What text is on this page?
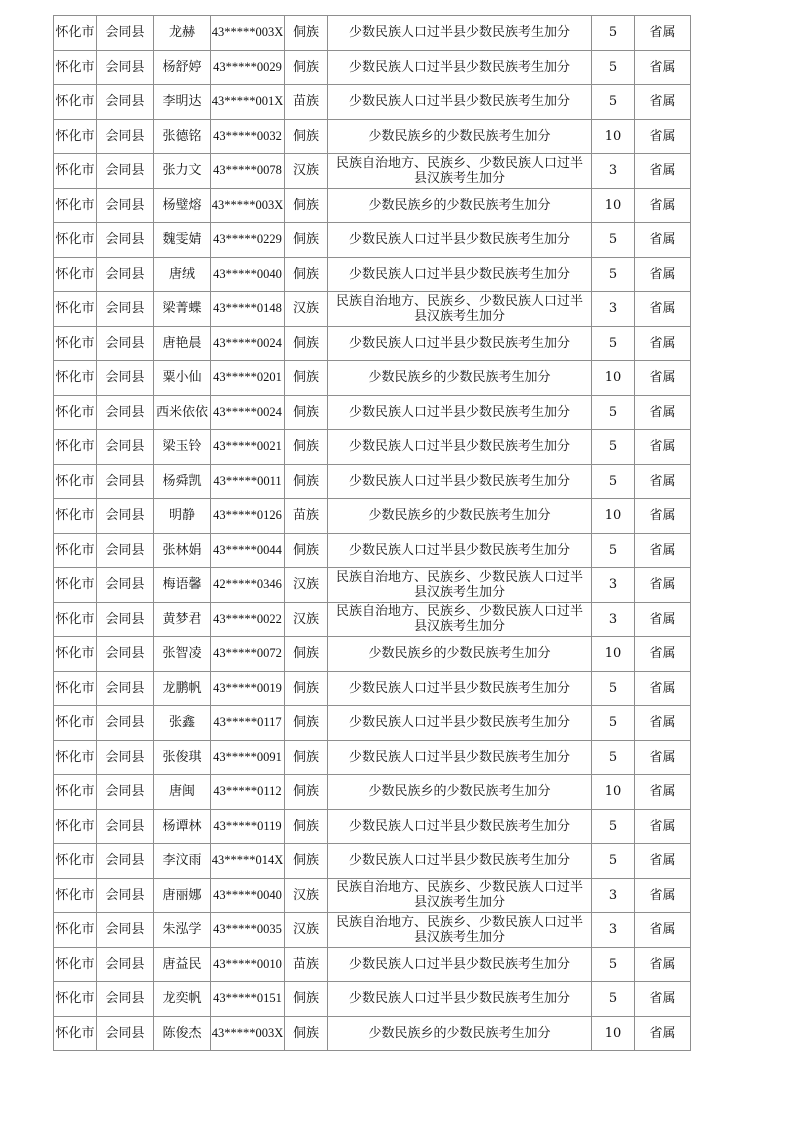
怀化市	会同县	龙赫	43*****003X	侗族	少数民族人口过半县少数民族考生加分	5	省属
怀化市	会同县	杨舒婷	43*****0029	侗族	少数民族人口过半县少数民族考生加分	5	省属
怀化市	会同县	李明达	43*****001X	苗族	少数民族人口过半县少数民族考生加分	5	省属
怀化市	会同县	张德铭	43*****0032	侗族	少数民族乡的少数民族考生加分	10	省属
怀化市	会同县	张力文	43*****0078	汉族	民族自治地方、民族乡、少数民族人口过半县汉族考生加分	3	省属
怀化市	会同县	杨璧熔	43*****003X	侗族	少数民族乡的少数民族考生加分	10	省属
怀化市	会同县	魏雯婧	43*****0229	侗族	少数民族人口过半县少数民族考生加分	5	省属
怀化市	会同县	唐绒	43*****0040	侗族	少数民族人口过半县少数民族考生加分	5	省属
怀化市	会同县	梁菁蝶	43*****0148	汉族	民族自治地方、民族乡、少数民族人口过半县汉族考生加分	3	省属
怀化市	会同县	唐艳晨	43*****0024	侗族	少数民族人口过半县少数民族考生加分	5	省属
怀化市	会同县	粟小仙	43*****0201	侗族	少数民族乡的少数民族考生加分	10	省属
怀化市	会同县	西米依依	43*****0024	侗族	少数民族人口过半县少数民族考生加分	5	省属
怀化市	会同县	梁玉铃	43*****0021	侗族	少数民族人口过半县少数民族考生加分	5	省属
怀化市	会同县	杨舜凯	43*****0011	侗族	少数民族人口过半县少数民族考生加分	5	省属
怀化市	会同县	明静	43*****0126	苗族	少数民族乡的少数民族考生加分	10	省属
怀化市	会同县	张林娟	43*****0044	侗族	少数民族人口过半县少数民族考生加分	5	省属
怀化市	会同县	梅语馨	42*****0346	汉族	民族自治地方、民族乡、少数民族人口过半县汉族考生加分	3	省属
怀化市	会同县	黄梦君	43*****0022	汉族	民族自治地方、民族乡、少数民族人口过半县汉族考生加分	3	省属
怀化市	会同县	张智凌	43*****0072	侗族	少数民族乡的少数民族考生加分	10	省属
怀化市	会同县	龙鹏帆	43*****0019	侗族	少数民族人口过半县少数民族考生加分	5	省属
怀化市	会同县	张鑫	43*****0117	侗族	少数民族人口过半县少数民族考生加分	5	省属
怀化市	会同县	张俊琪	43*****0091	侗族	少数民族人口过半县少数民族考生加分	5	省属
怀化市	会同县	唐闽	43*****0112	侗族	少数民族乡的少数民族考生加分	10	省属
怀化市	会同县	杨谭林	43*****0119	侗族	少数民族人口过半县少数民族考生加分	5	省属
怀化市	会同县	李汶雨	43*****014X	侗族	少数民族人口过半县少数民族考生加分	5	省属
怀化市	会同县	唐丽娜	43*****0040	汉族	民族自治地方、民族乡、少数民族人口过半县汉族考生加分	3	省属
怀化市	会同县	朱泓学	43*****0035	汉族	民族自治地方、民族乡、少数民族人口过半县汉族考生加分	3	省属
怀化市	会同县	唐益民	43*****0010	苗族	少数民族人口过半县少数民族考生加分	5	省属
怀化市	会同县	龙奕帆	43*****0151	侗族	少数民族人口过半县少数民族考生加分	5	省属
怀化市	会同县	陈俊杰	43*****003X	侗族	少数民族乡的少数民族考生加分	10	省属
